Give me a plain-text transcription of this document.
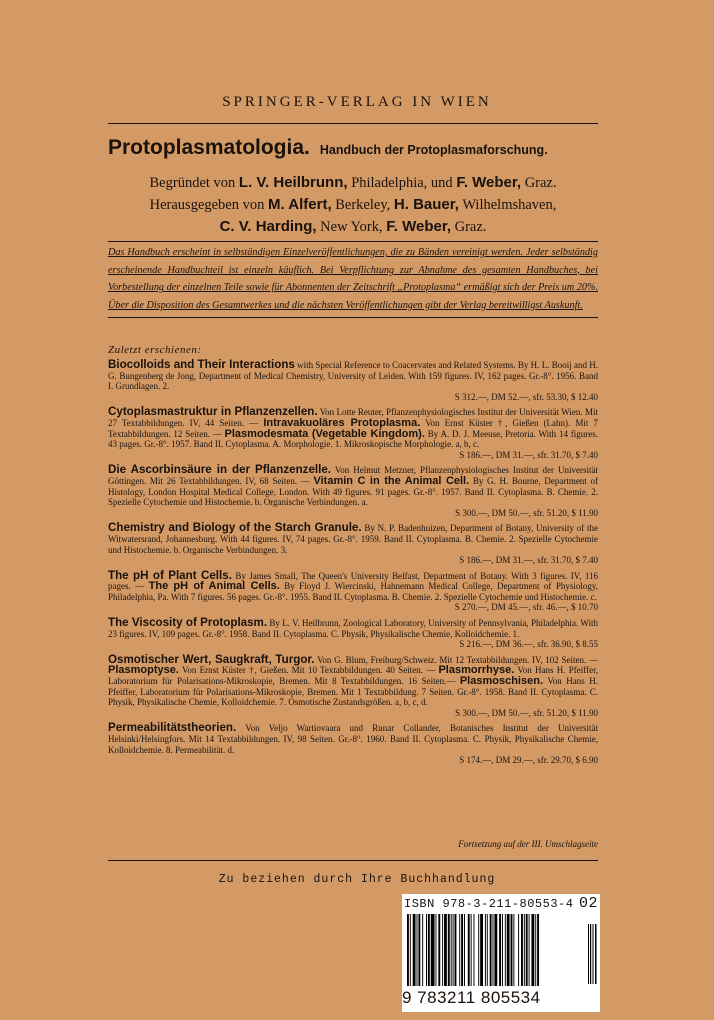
SPRINGER-VERLAG IN WIEN
Protoplasmatologia. Handbuch der Protoplasmaforschung.
Begründet von L. V. Heilbrunn, Philadelphia, und F. Weber, Graz.
Herausgegeben von M. Alfert, Berkeley, H. Bauer, Wilhelmshaven,
C. V. Harding, New York, F. Weber, Graz.
Das Handbuch erscheint in selbständigen Einzelveröffentlichungen, die zu Bänden vereinigt werden. Jeder selbständig erscheinende Handbuchteil ist einzeln käuflich. Bei Verpflichtung zur Abnahme des gesamten Handbuches, bei Vorbestellung der einzelnen Teile sowie für Abonnenten der Zeitschrift „Protoplasma“ ermäßigt sich der Preis um 20%. Über die Disposition des Gesamtwerkes und die nächsten Veröffentlichungen gibt der Verlag bereitwilligst Auskunft.
Zuletzt erschienen:
Biocolloids and Their Interactions with Special Reference to Coacervates and Related Systems. By H. L. Booij and H. G. Bungenberg de Jong, Department of Medical Chemistry, University of Leiden. With 159 figures. IV, 162 pages. Gr.-8°. 1956. Band I. Grundlagen. 2.
S 312.—, DM 52.—, sfr. 53.30, $ 12.40
Cytoplasmastruktur in Pflanzenzellen. Von Lotte Reuter, Pflanzenphysiologisches Institut der Universität Wien. Mit 27 Textabbildungen. IV, 44 Seiten. — Intravakuoläres Protoplasma. Von Ernst Küster †, Gießen (Lahn). Mit 7 Textabbildungen. 12 Seiten. — Plasmodesmata (Vegetable Kingdom). By A. D. J. Meeuse, Pretoria. With 14 figures. 43 pages. Gr.-8°. 1957. Band II. Cytoplasma. A. Morphologie. 1. Mikroskopische Morphologie. a, b, c.
S 186.—, DM 31.—, sfr. 31.70, $ 7.40
Die Ascorbinsäure in der Pflanzenzelle. Von Helmut Metzner, Pflanzenphysiologisches Institut der Universität Göttingen. Mit 26 Textabbildungen. IV, 68 Seiten. — Vitamin C in the Animal Cell. By G. H. Bourne, Department of Histology, London Hospital Medical College, London. With 49 figures. 91 pages. Gr.-8°. 1957. Band II. Cytoplasma. B. Chemie. 2. Spezielle Cytochemie und Histochemie. b. Organische Verbindungen. a.
S 300.—, DM 50.—, sfr. 51.20, $ 11.90
Chemistry and Biology of the Starch Granule. By N. P. Badenhuizen, Department of Botany, University of the Witwatersrand, Johannesburg. With 44 figures. IV, 74 pages. Gr.-8°. 1959. Band II. Cytoplasma. B. Chemie. 2. Spezielle Cytochemie und Histochemie. b. Organische Verbindungen. 3.
S 186.—, DM 31.—, sfr. 31.70, $ 7.40
The pH of Plant Cells. By James Small, The Queen's University Belfast, Department of Botany. With 3 figures. IV, 116 pages. — The pH of Animal Cells. By Floyd J. Wiercinski, Hahnemann Medical College, Department of Physiology, Philadelphia, Pa. With 7 figures. 56 pages. Gr.-8°. 1955. Band II. Cytoplasma. B. Chemie. 2. Spezielle Cytochemie und Histochemie. c.
S 270.—, DM 45.—, sfr. 46.—, $ 10.70
The Viscosity of Protoplasm. By L. V. Heilbrunn, Zoological Laboratory, University of Pennsylvania, Philadelphia. With 23 figures. IV, 109 pages. Gr.-8°. 1958. Band II. Cytoplasma. C. Physik, Physikalische Chemie, Kolloidchemie. 1.
S 216.—, DM 36.—, sfr. 36.90, $ 8.55
Osmotischer Wert, Saugkraft, Turgor. Von G. Blum, Freiburg/Schweiz. Mit 12 Textabbildungen. IV, 102 Seiten. — Plasmoptyse. Von Ernst Küster †, Gießen. Mit 10 Textabbildungen. 40 Seiten. — Plasmorrhyse. Von Hans H. Pfeiffer, Laboratorium für Polarisations-Mikroskopie, Bremen. Mit 8 Textabbildungen. 16 Seiten.— Plasmoschisen. Von Hans H. Pfeiffer, Laboratorium für Polarisations-Mikroskopie, Bremen. Mit 1 Textabbildung. 7 Seiten. Gr.-8°. 1958. Band II. Cytoplasma. C. Physik, Physikalische Chemie, Kolloidchemie. 7. Osmotische Zustandsgrößen. a, b, c, d.
S 300.—, DM 50.—, sfr. 51.20, $ 11.90
Permeabilitätstheorien. Von Veljo Wartiovaara und Runar Collander, Botanisches Institut der Universität Helsinki/Helsingfors. Mit 14 Textabbildungen. IV, 98 Seiten. Gr.-8°. 1960. Band II. Cytoplasma. C. Physik, Physikalische Chemie, Kolloidchemie. 8. Permeabilität. d.
S 174.—, DM 29.—, sfr. 29.70, $ 6.90
Fortsetzung auf der III. Umschlagseite
Zu beziehen durch Ihre Buchhandlung
ISBN 978-3-211-80553-4 02
9 783211 805534
